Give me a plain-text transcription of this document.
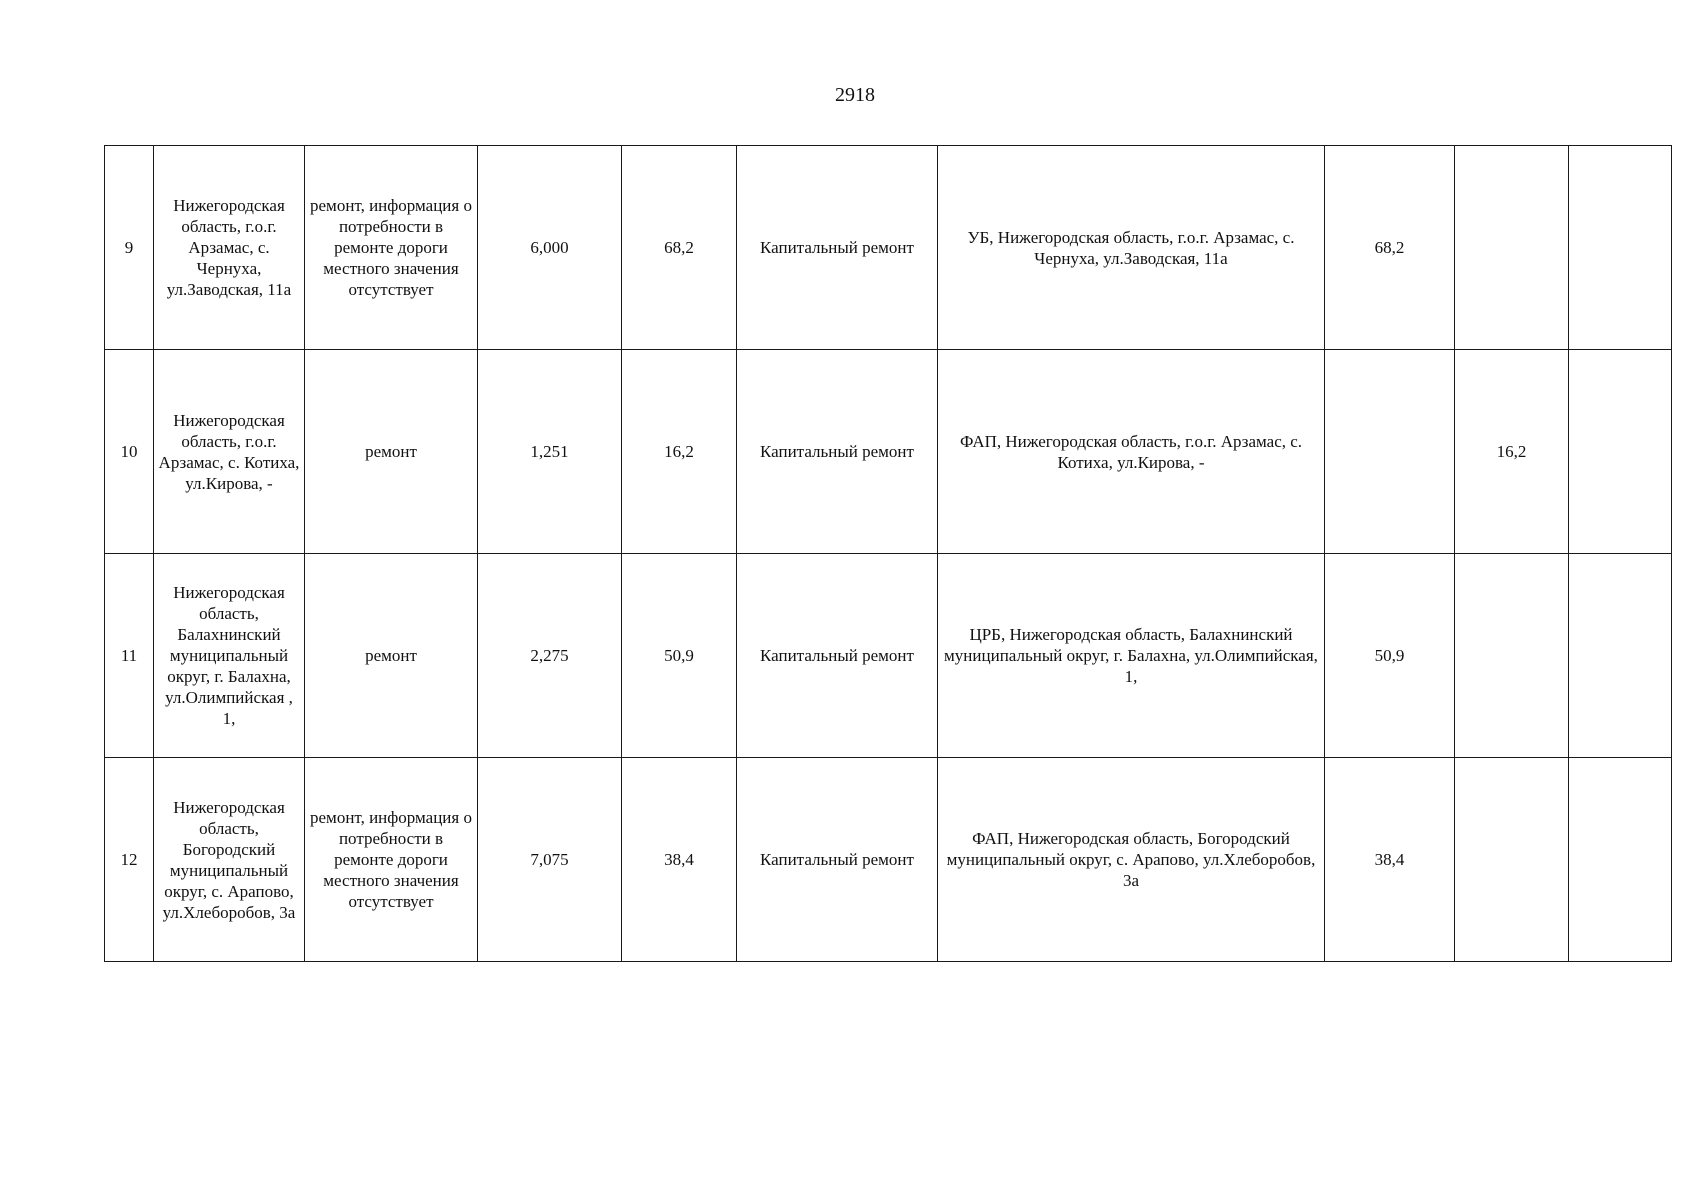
2918
9	Нижегородская область, г.о.г. Арзамас, с. Чернуха, ул.Заводская, 11а	ремонт, информация о потребности в ремонте дороги местного значения отсутствует	6,000	68,2	Капитальный ремонт	УБ, Нижегородская область, г.о.г. Арзамас, с. Чернуха, ул.Заводская, 11а	68,2		
10	Нижегородская область, г.о.г. Арзамас, с. Котиха, ул.Кирова, -	ремонт	1,251	16,2	Капитальный ремонт	ФАП, Нижегородская область, г.о.г. Арзамас, с. Котиха, ул.Кирова, -		16,2	
11	Нижегородская область, Балахнинский муниципальный округ, г. Балахна, ул.Олимпийская , 1,	ремонт	2,275	50,9	Капитальный ремонт	ЦРБ, Нижегородская область, Балахнинский муниципальный округ, г. Балахна, ул.Олимпийская, 1,	50,9		
12	Нижегородская область, Богородский муниципальный округ, с. Арапово, ул.Хлеборобов, 3а	ремонт, информация о потребности в ремонте дороги местного значения отсутствует	7,075	38,4	Капитальный ремонт	ФАП, Нижегородская область, Богородский муниципальный округ, с. Арапово, ул.Хлеборобов, 3а	38,4		
